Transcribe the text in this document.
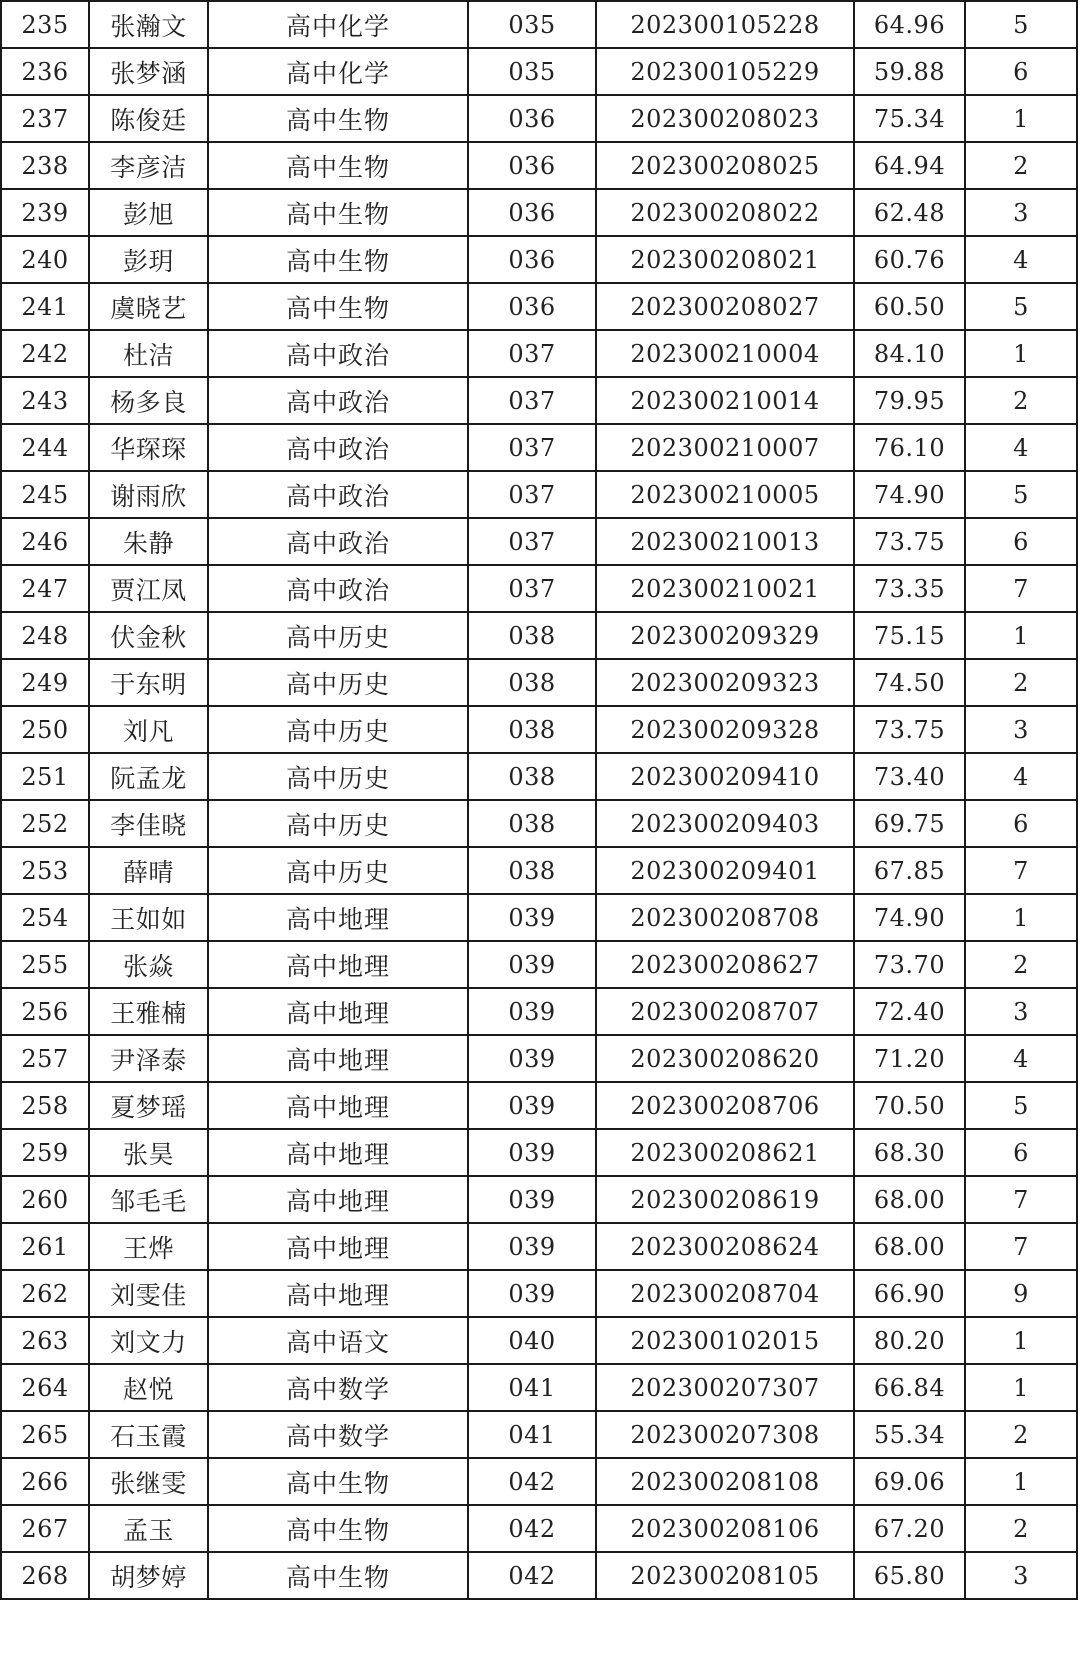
235	张瀚文	高中化学	035	202300105228	64.96	5
236	张梦涵	高中化学	035	202300105229	59.88	6
237	陈俊廷	高中生物	036	202300208023	75.34	1
238	李彦洁	高中生物	036	202300208025	64.94	2
239	彭旭	高中生物	036	202300208022	62.48	3
240	彭玥	高中生物	036	202300208021	60.76	4
241	虞晓艺	高中生物	036	202300208027	60.50	5
242	杜洁	高中政治	037	202300210004	84.10	1
243	杨多良	高中政治	037	202300210014	79.95	2
244	华琛琛	高中政治	037	202300210007	76.10	4
245	谢雨欣	高中政治	037	202300210005	74.90	5
246	朱静	高中政治	037	202300210013	73.75	6
247	贾江凤	高中政治	037	202300210021	73.35	7
248	伏金秋	高中历史	038	202300209329	75.15	1
249	于东明	高中历史	038	202300209323	74.50	2
250	刘凡	高中历史	038	202300209328	73.75	3
251	阮孟龙	高中历史	038	202300209410	73.40	4
252	李佳晓	高中历史	038	202300209403	69.75	6
253	薛晴	高中历史	038	202300209401	67.85	7
254	王如如	高中地理	039	202300208708	74.90	1
255	张焱	高中地理	039	202300208627	73.70	2
256	王雅楠	高中地理	039	202300208707	72.40	3
257	尹泽泰	高中地理	039	202300208620	71.20	4
258	夏梦瑶	高中地理	039	202300208706	70.50	5
259	张昊	高中地理	039	202300208621	68.30	6
260	邹毛毛	高中地理	039	202300208619	68.00	7
261	王烨	高中地理	039	202300208624	68.00	7
262	刘雯佳	高中地理	039	202300208704	66.90	9
263	刘文力	高中语文	040	202300102015	80.20	1
264	赵悦	高中数学	041	202300207307	66.84	1
265	石玉霞	高中数学	041	202300207308	55.34	2
266	张继雯	高中生物	042	202300208108	69.06	1
267	孟玉	高中生物	042	202300208106	67.20	2
268	胡梦婷	高中生物	042	202300208105	65.80	3
